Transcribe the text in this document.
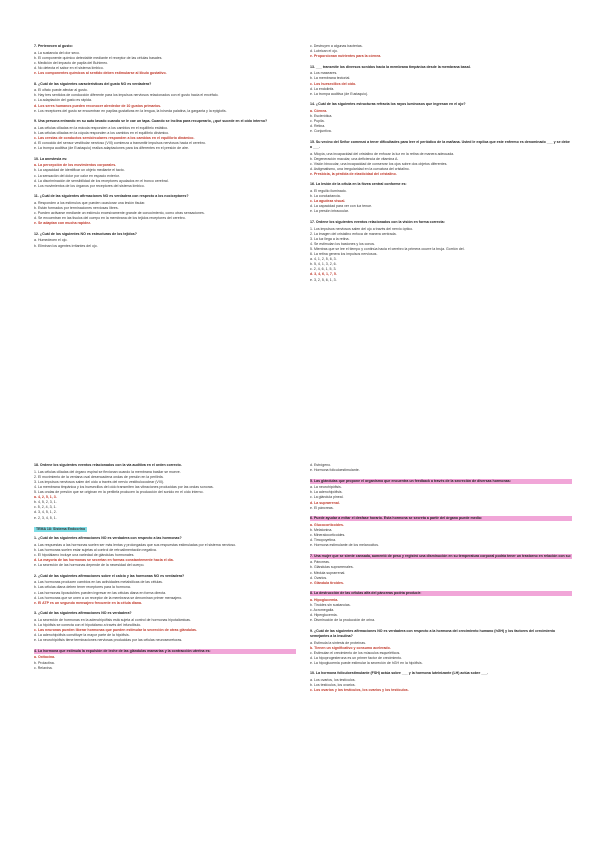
7. Pertenecen al gusto:
a. La sustancia del olor seco.
b. El componente químico detectable mediante el receptor de las células basales.
c. Medición del impacto de papila del Buhimeo.
d. No detecta el sabor en el sistema límbico.
e. Los componentes químicos al sentido deben estimularse al líbulo gustativo.
8. ¿Cuál de las siguientes características del gusto NO es verdadera?
a. El olfato puede afectar al gusto.
b. Hay tres sentidos de conducción diferente para los impulsos nerviosos relacionados con el gusto hacia el encéfalo.
c. La adaptación del gusto es rápida.
d. Los seres humanos pueden reconocer alrededor de 10 gustos primarios.
e. Los receptores del gusto se encuentran en papilas gustativas en la lengua, la bóveda palatina, la garganta y la epiglotis.
9. Una persona entrando en su auto lavado cuando se le cae un tapa. Cuando se inclina para recuperarlo, ¿qué sucede en el oído interno?
a. Las células ciliadas en la mácula responden a los cambios en el equilibrio estático.
b. Las células ciliadas en la cúpula responden a los cambios en el equilibrio dinámico.
c. Las crestas de conductos semicirculares responden a los cambios en el equilibrio dinámico.
d. El conocido del sensor vestibular nervioso (VIII) comienza a transmitir impulsos nerviosos hacia el cerebro.
e. La trompa auditiva (de Eustaquio) realiza adaptaciones para los diferentes en el presión de aire.
10. La anestesia es:
a. La percepción de los movimientos corporales.
b. La capacidad de identificar un objeto mediante el tacto.
c. La sensación del dolor por calor en espacio exterior.
d. La discriminación de sensibilidad de los receptores ayudados en el tronco cerebral.
e. Los movimientos de los órganos por receptores del sistema límbico.
11. ¿Cuál de las siguientes afirmaciones NO es verdadera con respecto a los nociceptores?
a. Responden a los estímulos que pueden ocasionar una lesión tisular.
b. Están formados por terminaciones nerviosas libres.
c. Pueden activarse mediante un estímulo excesivamente grande de conocimiento, como otras sensaciones.
d. Se encuentran en las tisulos del cuerpo en la membrana de los tejidos receptores del cerebro.
e. Se adaptan con mucha rapidez.
12. ¿Cuál de los siguientes NO es estructuras de los tejidos?
a. Humedecen el ojo.
b. Eliminan los agentes irritantes del ojo.
c. Destruyen a algunas bacterias.
d. Lubrican el ojo.
e. Proporcionan nutrientes para la córnea.
13. ___ transmite los diversos sonidos hacia la membrana timpánica desde la membrana basal.
a. Los maseares.
b. La membrana tectorial.
c. Los huesecillos del oído.
d. La endolinfa.
e. La trompa auditiva (de Eustaquio).
14. ¿Cuál de las siguientes estructuras refracta los rayos luminosos que ingresan en el ojo?
a. Córnea.
b. Esclerótica.
c. Pupila.
d. Retina.
e. Conjuntiva.
15. Su vecino del Señor comenzó a tener dificultades para leer el periódico de la mañana. Usted le explica que este enfermo es denominado ___ y se debe a ___.
a. Miopía, una incapacidad del cristalino de enfocar la luz en la retina de manera adecuada.
b. Degeneración macular, una deficiencia de vitamina A.
c. Visión binocular, una incapacidad de conservar los ojos sobre dos objetos diferentes.
d. Astigmatismo, una irregularidad en la curvatura del cristalino.
e. Presbicia, la pérdida de elasticidad del cristalino.
16. La lesión de la célula en la fóvea central conforme es:
a. El reguilio iluminado.
b. La conductancia.
c. La agudeza visual.
d. La capacidad para ver con luz tenue.
e. La presión intraocular.
17. Ordene los siguientes eventos relacionados con la visión en forma correcta:
1. Los impulsos nerviosos salen del ojo a través del nervio óptico.
2. La imagen del cristalino enfoca de manera centrada.
3. La luz llega a la retina.
4. Se estimulan los bastones y los conos.
5. Mientras que se lee el tiempo y continúa hacia el cerebro la primera ocurre la bruja. Gorrión del.
6. La retina genera los impulsos nerviosos.
a. 4, 1, 2, 5, 6, 3.
b. 5, 4, 1, 3, 2, 6.
c. 2, 4, 6, 1, 5, 3.
d. 3, 4, 6, 1, 7, 5.
e. 3, 2, 5, 6, 1, 3.
18. Ordene los siguientes eventos relacionados con la vía auditiva en el orden correcto.
1. Las células ciliadas del órgano espiral se flexionan cuando la membrana basilar se mueve.
2. El movimiento de la ventana oval desencadena ondas de presión en la perilinfa.
3. Los impulsos nerviosos salen del oído a través del nervio vestibulococlear (VIII).
4. La membrana timpánica y los huesecillos del oído transmiten las vibraciones producidas por las ondas sonoras.
5. Las ondas de presión que se originan en la perilinfa producen la producción del sonido en el oído interno.
a. 4, 2, 5, 1, 3.
b. 4, 5, 2, 3, 1.
c. 5, 2, 4, 3, 1.
d. 3, 4, 5, 1, 2.
e. 2, 3, 4, 5, 1.
TEMA 18: Sistema Endocrino
1. ¿Cuál de las siguientes afirmaciones NO es verdadera con respecto a las hormonas?
a. Las respuestas a las hormonas suelen ser más lentas y prolongadas que sus respuestas estimuladas por el sistema nervioso.
b. Las hormonas suelen estar sujetas al control de retroalimentación negativa.
c. El hipotálamo incluye una variedad de glándulas hormonales.
d. La mayoría de las hormonas se secretan en formas constantemente hacia el día.
e. La secreción de las hormonas depende de la necesidad del cuerpo.
2. ¿Cuál de las siguientes afirmaciones sobre el calcio y las hormonas NO es verdadera?
a. Las hormonas producen cambios en las actividades metabólicas de las células.
b. Las células diana deben tener receptores para la hormona.
c. Las hormonas liposolubles pueden ingresar en las células diana en forma directa.
d. Los hormonas que se unen a un receptor de la membrana se denominan primer mensajero.
e. El ATP es un segundo mensajero frecuente en la célula diana.
3. ¿Cuál de las siguientes afirmaciones NO es verdadera?
a. La secreción de hormonas en la adenohipófisis está sujeta al control de hormonas hipotalámicas.
b. La hipófisis se conecta con el hipotálamo a través del infundíbulo.
c. Las neuronas pueden liberar hormonas que pueden estimular la secreción de otras glándulas.
d. La adenohipófisis constituye la mayor parte de la hipófisis.
e. La neurohipófisis tiene terminaciones nerviosas producidas por las células neurosecretoras.
4. La hormona que estimula la expulsión de leche de las glándulas mamarias y la contracción uterina es:
a. Oxitocina.
b. Prolactina.
c. Relaxina.
d. Estrógeno.
e. Hormona foliculoestimulante.
5. Las glándulas que propone el organismo que encuentra un feedback a través de la secreción de diversas hormonas:
a. La neurohipófisis.
b. La adenohipófisis.
c. La glándula pineal.
d. La suprarrenal.
e. El páncreas.
6. Puede ayudar a evitar el desfase horario. Esta hormona se secreta a partir del órgano puede medio:
a. Glucocorticoides.
b. Melatonina.
c. Mineralocorticoides.
d. Timopoyetina.
e. Hormona estimulante de los melanocitos.
7. Una mujer que se siente cansada, aumentó de peso y registró una disminución en su temperatura corporal podría tener un trastorno en relación con su:
a. Páncreas.
b. Glándulas suprarrenales.
c. Médula suprarrenal.
d. Ovarios.
e. Glándula tiroides.
8. La destrucción de las células alfa del páncreas podría producir:
a. Hipoglucemia.
b. Tiroides sin sustancias.
c. Acromegalia.
d. Hiperglucemia.
e. Disminución de la producción de orina.
9. ¿Cuál de las siguientes afirmaciones NO es verdadera con respecto a la hormona del crecimiento humano (hGH) y los factores del crecimiento semejantes a la insulina?
a. Estimula la síntesis de proteínas.
b. Tienen un significativo y consumo acelerado.
c. Estimulan el crecimiento de los músculos esqueléticos.
d. La hipoprogesterona es un primer factor de crecimiento.
e. La hipoglucemia puede estimular la secreción de hGH en la hipófisis.
10. La hormona foliculoestimulante (FSH) actúa sobre ___ y la hormona luteinizante (LH) actúa sobre ___.
a. Los ovarios, los testículos.
b. Los testículos, los ovarios.
c. Los ovarios y los testículos, los ovarios y los testículos.
